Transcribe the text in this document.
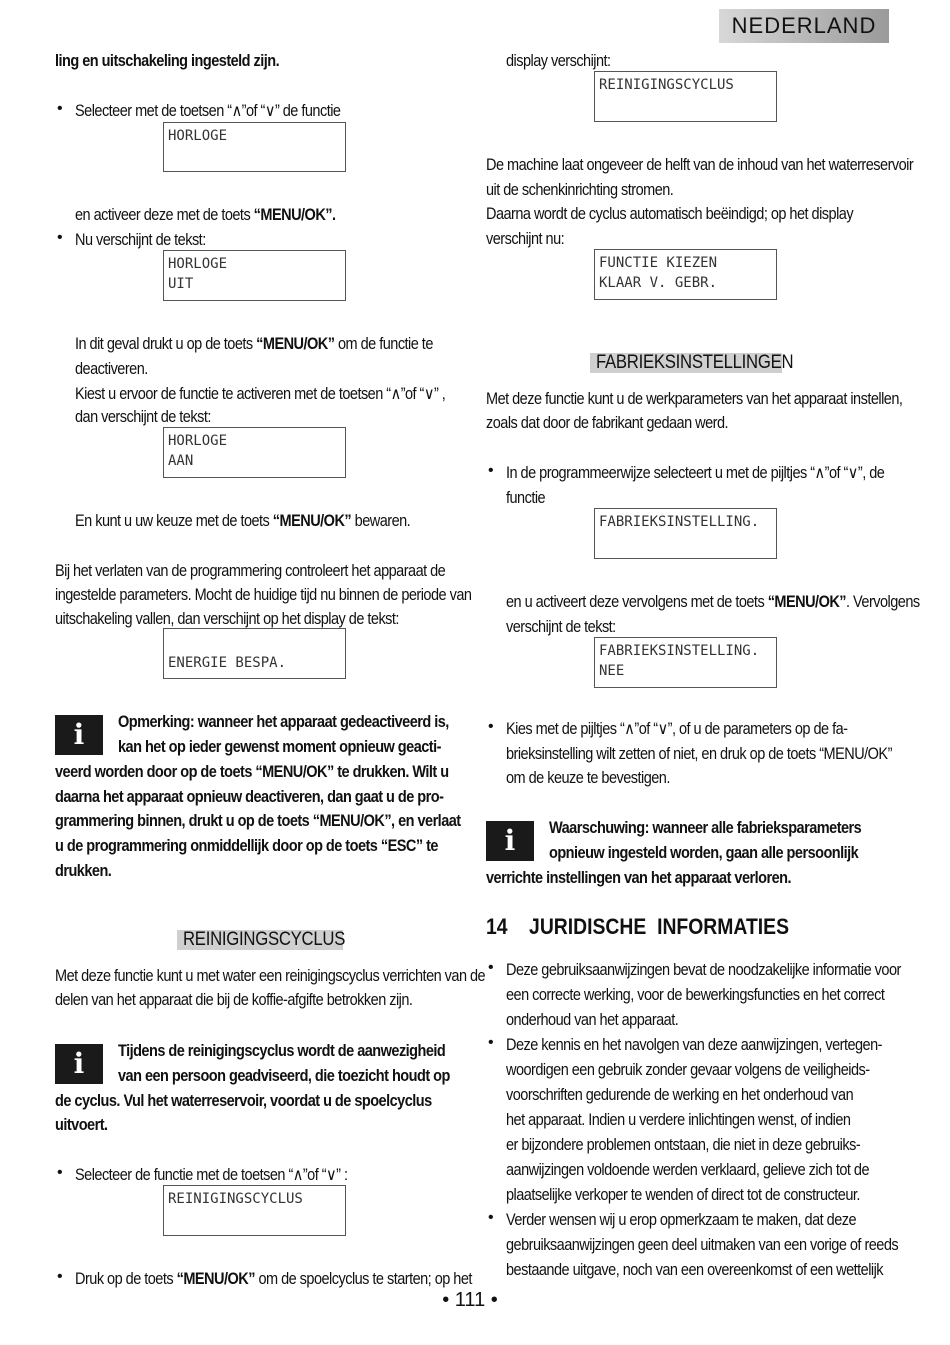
NEDERLAND
ling en uitschakeling ingesteld zijn.
• Selecteer met de toetsen “∧”of “∨” de functie
HORLOGE
en activeer deze met de toets “MENU/OK”.
• Nu verschijnt de tekst:
HORLOGE
UIT
In dit geval drukt u op de toets “MENU/OK” om de functie te
deactiveren.
Kiest u ervoor de functie te activeren met de toetsen “∧”of “∨” ,
dan verschijnt de tekst:
HORLOGE
AAN
En kunt u uw keuze met de toets “MENU/OK” bewaren.
Bij het verlaten van de programmering controleert het apparaat de
ingestelde parameters. Mocht de huidige tijd nu binnen de periode van
uitschakeling vallen, dan verschijnt op het display de tekst:
ENERGIE BESPA.
i	Opmerking: wanneer het apparaat gedeactiveerd is,
kan het op ieder gewenst moment opnieuw geacti-
veerd worden door op de toets “MENU/OK” te drukken. Wilt u
daarna het apparaat opnieuw deactiveren, dan gaat u de pro-
grammering binnen, drukt u op de toets “MENU/OK”, en verlaat
u de programmering onmiddellijk door op de toets “ESC” te
drukken.
REINIGINGSCYCLUS
Met deze functie kunt u met water een reinigingscyclus verrichten van de
delen van het apparaat die bij de koffie-afgifte betrokken zijn.
i	Tijdens de reinigingscyclus wordt de aanwezigheid
van een persoon geadviseerd, die toezicht houdt op
de cyclus. Vul het waterreservoir, voordat u de spoelcyclus
uitvoert.
• Selecteer de functie met de toetsen “∧”of “∨” :
REINIGINGSCYCLUS
• Druk op de toets “MENU/OK” om de spoelcyclus te starten; op het
display verschijnt:
REINIGINGSCYCLUS
De machine laat ongeveer de helft van de inhoud van het waterreservoir
uit de schenkinrichting stromen.
Daarna wordt de cyclus automatisch beëindigd; op het display
verschijnt nu:
FUNCTIE KIEZEN
KLAAR V. GEBR.
FABRIEKSINSTELLINGEN
Met deze functie kunt u de werkparameters van het apparaat instellen,
zoals dat door de fabrikant gedaan werd.
• In de programmeerwijze selecteert u met de pijltjes “∧”of “∨”, de
functie
FABRIEKSINSTELLING.
en u activeert deze vervolgens met de toets “MENU/OK”. Vervolgens
verschijnt de tekst:
FABRIEKSINSTELLING.
NEE
• Kies met de pijltjes “∧”of “∨”, of u de parameters op de fa-
brieksinstelling wilt zetten of niet, en druk op de toets “MENU/OK”
om de keuze te bevestigen.
i	Waarschuwing: wanneer alle fabrieksparameters
opnieuw ingesteld worden, gaan alle persoonlijk
verrichte instellingen van het apparaat verloren.
14    JURIDISCHE  INFORMATIES
• Deze gebruiksaanwijzingen bevat de noodzakelijke informatie voor
een correcte werking, voor de bewerkingsfuncties en het correct
onderhoud van het apparaat.
• Deze kennis en het navolgen van deze aanwijzingen, vertegen-
woordigen een gebruik zonder gevaar volgens de veiligheids-
voorschriften gedurende de werking en het onderhoud van
het apparaat. Indien u verdere inlichtingen wenst, of indien
er bijzondere problemen ontstaan, die niet in deze gebruiks-
aanwijzingen voldoende werden verklaard, gelieve zich tot de
plaatselijke verkoper te wenden of direct tot de constructeur.
• Verder wensen wij u erop opmerkzaam te maken, dat deze
gebruiksaanwijzingen geen deel uitmaken van een vorige of reeds
bestaande uitgave, noch van een overeenkomst of een wettelijk
• 111 •
